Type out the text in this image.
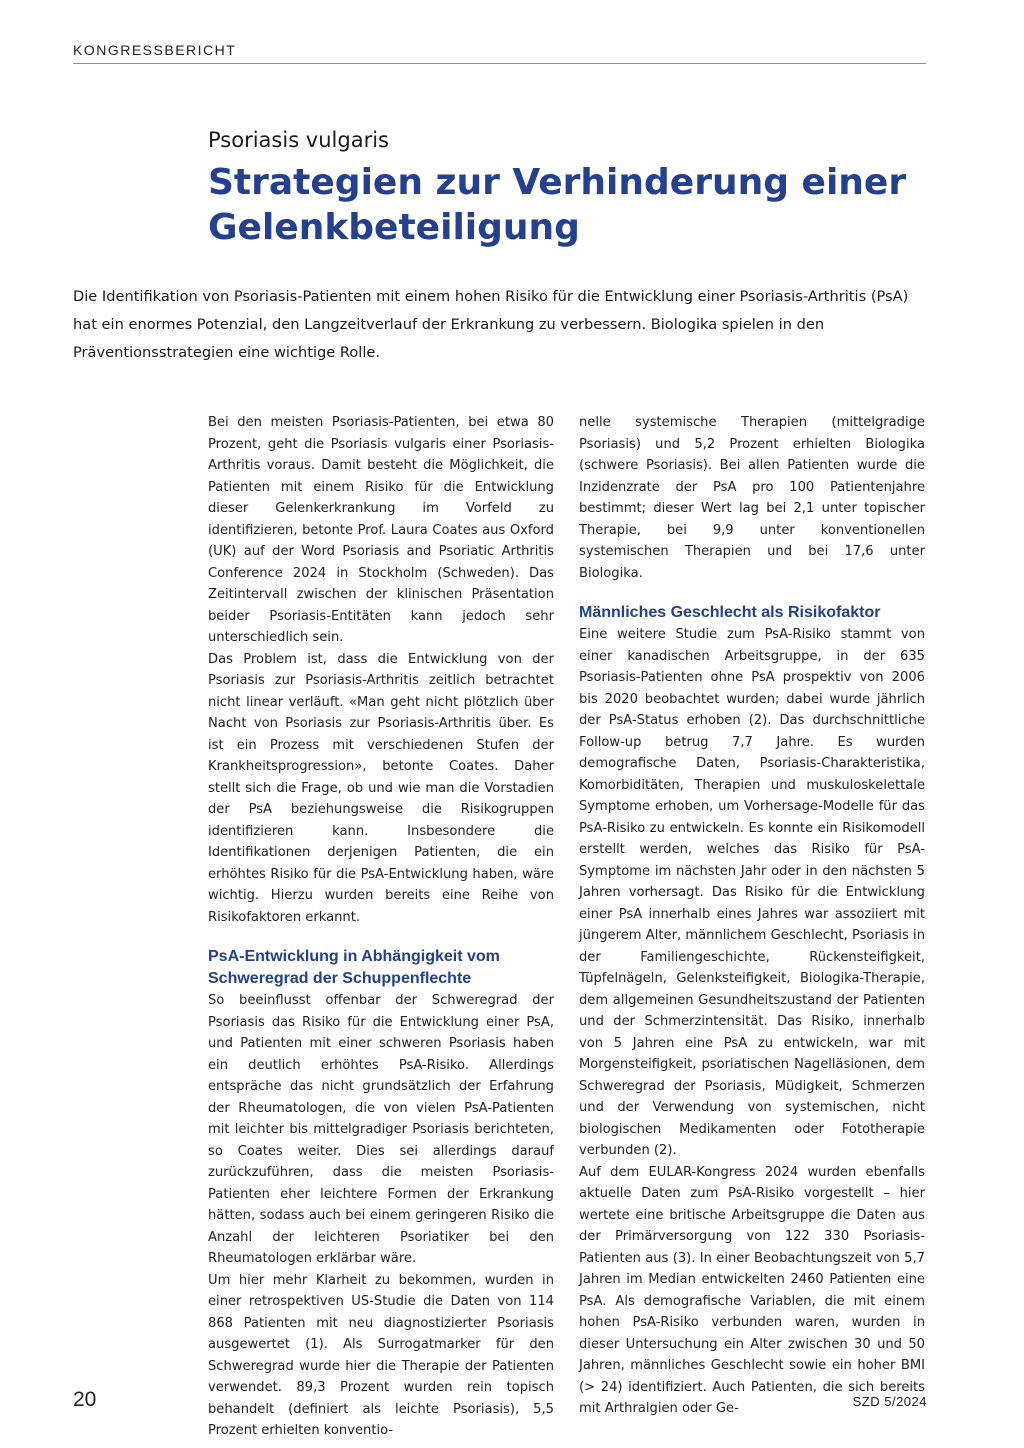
KONGRESSBERICHT
Psoriasis vulgaris
Strategien zur Verhinderung einer Gelenkbeteiligung
Die Identifikation von Psoriasis-Patienten mit einem hohen Risiko für die Entwicklung einer Psoriasis-Arthritis (PsA) hat ein enormes Potenzial, den Langzeitverlauf der Erkrankung zu verbessern. Biologika spielen in den Präventionsstrategien eine wichtige Rolle.

Bei den meisten Psoriasis-Patienten, bei etwa 80 Prozent, geht die Psoriasis vulgaris einer Psoriasis-Arthritis voraus. Damit besteht die Möglichkeit, die Patienten mit einem Risiko für die Entwicklung dieser Gelenkerkrankung im Vorfeld zu identifizieren, betonte Prof. Laura Coates aus Oxford (UK) auf der Word Psoriasis and Psoriatic Arthritis Conference 2024 in Stockholm (Schweden). Das Zeitintervall zwischen der klinischen Präsentation beider Psoriasis-Entitäten kann jedoch sehr unterschiedlich sein.

Das Problem ist, dass die Entwicklung von der Psoriasis zur Psoriasis-Arthritis zeitlich betrachtet nicht linear verläuft. «Man geht nicht plötzlich über Nacht von Psoriasis zur Psoriasis-Arthritis über. Es ist ein Prozess mit verschiedenen Stufen der Krankheitsprogression», betonte Coates. Daher stellt sich die Frage, ob und wie man die Vorstadien der PsA beziehungsweise die Risikogruppen identifizieren kann. Insbesondere die Identifikationen derjenigen Patienten, die ein erhöhtes Risiko für die PsA-Entwicklung haben, wäre wichtig. Hierzu wurden bereits eine Reihe von Risikofaktoren erkannt.

PsA-Entwicklung in Abhängigkeit vom Schweregrad der Schuppenflechte

So beeinflusst offenbar der Schweregrad der Psoriasis das Risiko für die Entwicklung einer PsA, und Patienten mit einer schweren Psoriasis haben ein deutlich erhöhtes PsA-Risiko. Allerdings entspräche das nicht grundsätzlich der Erfahrung der Rheumatologen, die von vielen PsA-Patienten mit leichter bis mittelgradiger Psoriasis berichteten, so Coates weiter. Dies sei allerdings darauf zurückzuführen, dass die meisten Psoriasis-Patienten eher leichtere Formen der Erkrankung hätten, sodass auch bei einem geringeren Risiko die Anzahl der leichteren Psoriatiker bei den Rheumatologen erklärbar wäre.

Um hier mehr Klarheit zu bekommen, wurden in einer retrospektiven US-Studie die Daten von 114 868 Patienten mit neu diagnostizierter Psoriasis ausgewertet (1). Als Surrogatmarker für den Schweregrad wurde hier die Therapie der Patienten verwendet. 89,3 Prozent wurden rein topisch behandelt (definiert als leichte Psoriasis), 5,5 Prozent erhielten konventio-

nelle systemische Therapien (mittelgradige Psoriasis) und 5,2 Prozent erhielten Biologika (schwere Psoriasis). Bei allen Patienten wurde die Inzidenzrate der PsA pro 100 Patientenjahre bestimmt; dieser Wert lag bei 2,1 unter topischer Therapie, bei 9,9 unter konventionellen systemischen Therapien und bei 17,6 unter Biologika.

Männliches Geschlecht als Risikofaktor

Eine weitere Studie zum PsA-Risiko stammt von einer kanadischen Arbeitsgruppe, in der 635 Psoriasis-Patienten ohne PsA prospektiv von 2006 bis 2020 beobachtet wurden; dabei wurde jährlich der PsA-Status erhoben (2). Das durchschnittliche Follow-up betrug 7,7 Jahre. Es wurden demografische Daten, Psoriasis-Charakteristika, Komorbiditäten, Therapien und muskuloskelettale Symptome erhoben, um Vorhersage-Modelle für das PsA-Risiko zu entwickeln. Es konnte ein Risikomodell erstellt werden, welches das Risiko für PsA-Symptome im nächsten Jahr oder in den nächsten 5 Jahren vorhersagt. Das Risiko für die Entwicklung einer PsA innerhalb eines Jahres war assoziiert mit jüngerem Alter, männlichem Geschlecht, Psoriasis in der Familiengeschichte, Rückensteifigkeit, Tüpfelnägeln, Gelenksteifigkeit, Biologika-Therapie, dem allgemeinen Gesundheitszustand der Patienten und der Schmerzintensität. Das Risiko, innerhalb von 5 Jahren eine PsA zu entwickeln, war mit Morgensteifigkeit, psoriatischen Nagelläsionen, dem Schweregrad der Psoriasis, Müdigkeit, Schmerzen und der Verwendung von systemischen, nicht biologischen Medikamenten oder Fototherapie verbunden (2).

Auf dem EULAR-Kongress 2024 wurden ebenfalls aktuelle Daten zum PsA-Risiko vorgestellt – hier wertete eine britische Arbeitsgruppe die Daten aus der Primärversorgung von 122 330 Psoriasis-Patienten aus (3). In einer Beobachtungszeit von 5,7 Jahren im Median entwickelten 2460 Patienten eine PsA. Als demografische Variablen, die mit einem hohen PsA-Risiko verbunden waren, wurden in dieser Untersuchung ein Alter zwischen 30 und 50 Jahren, männliches Geschlecht sowie ein hoher BMI (> 24) identifiziert. Auch Patienten, die sich bereits mit Arthralgien oder Ge-

20	SZD 5/2024
